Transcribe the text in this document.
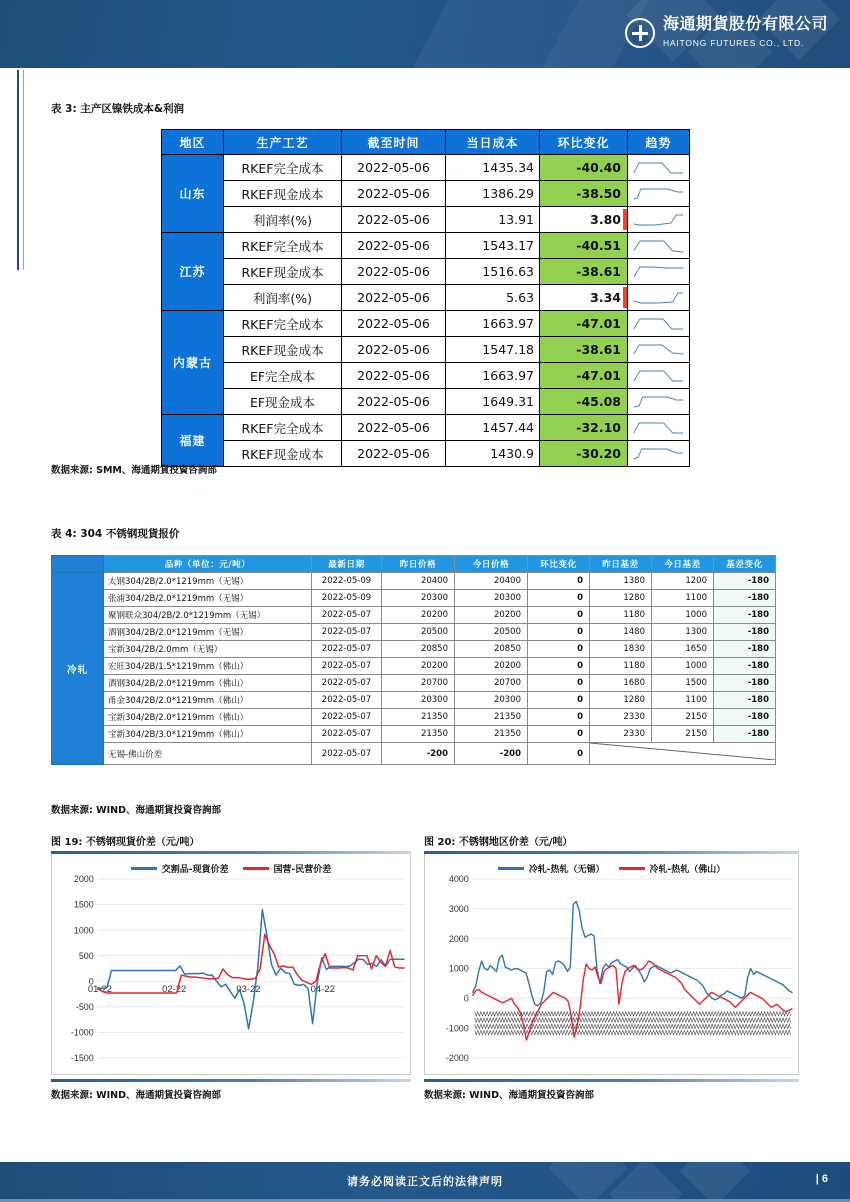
海通期貨股份有限公司
HAITONG FUTURES CO., LTD.
表 3: 主产区镍铁成本&利润
地区	生产工艺	截至时间	当日成本	环比变化	趋势
山东	RKEF完全成本	2022-05-06	1435.34	-40.40	

	RKEF现金成本	2022-05-06	1386.29	-38.50	

	利润率(%)	2022-05-06	13.91	3.80

江苏	RKEF完全成本	2022-05-06	1543.17	-40.51	

	RKEF现金成本	2022-05-06	1516.63	-38.61	

	利润率(%)	2022-05-06	5.63	3.34

内蒙古	RKEF完全成本	2022-05-06	1663.97	-47.01	

	RKEF现金成本	2022-05-06	1547.18	-38.61	

	EF完全成本	2022-05-06	1663.97	-47.01	

	EF现金成本	2022-05-06	1649.31	-45.08	

福建	RKEF完全成本	2022-05-06	1457.44	-32.10	

	RKEF现金成本	2022-05-06	1430.9	-30.20	
数据来源: SMM、海通期貨投資咨詢部
表 4: 304 不锈钢现貨报价
	品种（单位：元/吨）	最新日期	昨日价格	今日价格	环比变化	昨日基差	今日基差	基差变化
冷轧	太钢304/2B/2.0*1219mm（无锡）	2022-05-09	20400	20400	0	1380	1200	-180
	张浦304/2B/2.0*1219mm（无锡）	2022-05-09	20300	20300	0	1280	1100	-180
	聚钢联众304/2B/2.0*1219mm（无锡）	2022-05-07	20200	20200	0	1180	1000	-180
	酒钢304/2B/2.0*1219mm（无锡）	2022-05-07	20500	20500	0	1480	1300	-180
	宝新304/2B/2.0mm（无锡）	2022-05-07	20850	20850	0	1830	1650	-180
	宏旺304/2B/1.5*1219mm（佛山）	2022-05-07	20200	20200	0	1180	1000	-180
	酒钢304/2B/2.0*1219mm（佛山）	2022-05-07	20700	20700	0	1680	1500	-180
	甬金304/2B/2.0*1219mm（佛山）	2022-05-07	20300	20300	0	1280	1100	-180
	宝新304/2B/2.0*1219mm（佛山）	2022-05-07	21350	21350	0	2330	2150	-180
	宝新304/2B/3.0*1219mm（佛山）	2022-05-07	21350	21350	0	2330	2150	-180
	无锡-佛山价差	2022-05-07	-200	-200	0	
数据来源: WIND、海通期貨投資咨詢部
图 19: 不锈钢现貨价差（元/吨）
交割品-现貨价差	国营-民营价差
2000
1500
1000
500
0
-500
-1000
-1500
01-22	02-22	03-22	04-22
数据来源: WIND、海通期貨投資咨詢部
图 20: 不锈钢地区价差（元/吨）
冷轧-热轧（无锡）	冷轧-热轧（佛山）
4000
3000
2000
1000
0
-1000
-2000
数据来源: WIND、海通期貨投資咨詢部
请务必阅读正文后的法律声明	| 6
